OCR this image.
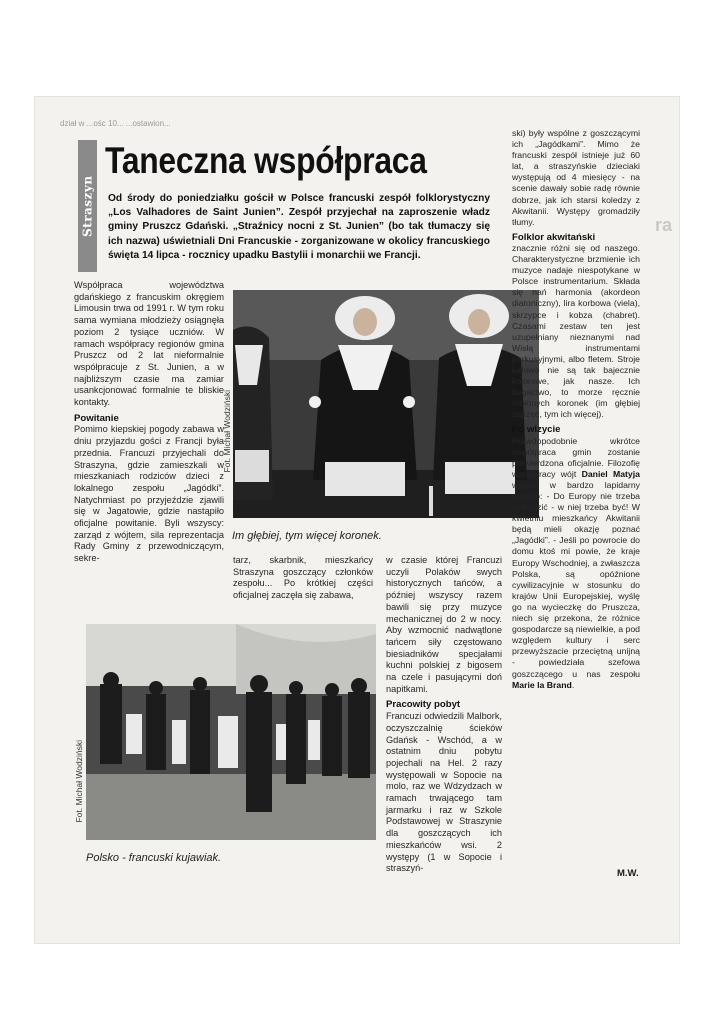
dział w ...ośc 10... ...ostawion...
ra
Straszyn
Taneczna współpraca
Od środy do poniedziałku gościł w Polsce francuski zespół folklorystyczny „Los Valhadores de Saint Junien”. Zespół przyjechał na zaproszenie władz gminy Pruszcz Gdański. „Straźnicy nocni z St. Junien” (bo tak tłumaczy się ich nazwa) uświetniali Dni Francuskie - zorganizowane w okolicy francuskiego święta 14 lipca - rocznicy upadku Bastylii i monarchii we Francji.

Współpraca województwa gdańskiego z francuskim okręgiem Limousin trwa od 1991 r. W tym roku sama wymiana młodzieży osiągnęła poziom 2 tysiące uczniów. W ramach współpracy regionów gmina Pruszcz od 2 lat nieformalnie współpracuje z St. Junien, a w najbliższym czasie ma zamiar usankcjonować formalnie te bliskie kontakty.

Powitanie

Pomimo kiepskiej pogody zabawa w dniu przyjazdu gości z Francji była przednia. Francuzi przyjechali do Straszyna, gdzie zamieszkali w mieszkaniach rodziców dzieci z lokalnego zespołu „Jagódki”. Natychmiast po przyjeździe zjawili się w Jagatowie, gdzie nastąpiło oficjalne powitanie. Byli wszyscy: zarząd z wójtem, sila reprezentacja Rady Gminy z przewodniczącym, sekre-

Fot. Michał Wodziński
Im głębiej, tym więcej koronek.

tarz, skarbnik, mieszkańcy Straszyna goszczący członków zespołu... Po krótkiej części oficjalnej zaczęła się zabawa,

w czasie której Francuzi uczyli Polaków swych historycznych tańców, a później wszyscy razem bawili się przy muzyce mechanicznej do 2 w nocy. Aby wzmocnić nadwątlone tańcem siły częstowano biesiadników specjałami kuchni polskiej z bigosem na czele i pasującymi doń napitkami.

Pracowity pobyt

Francuzi odwiedzili Malbork, oczyszczalnię ścieków Gdańsk - Wschód, a w ostatnim dniu pobytu pojechali na Hel. 2 razy występowali w Sopocie na molo, raz we Wdzydzach w ramach trwającego tam jarmarku i raz w Szkole Podstawowej w Straszynie dla goszczących ich mieszkańców wsi. 2 występy (1 w Sopocie i straszyń-

ski) były wspólne z goszczącymi ich „Jagódkami”. Mimo że francuski zespół istnieje już 60 lat, a straszyńskie dzieciaki występują od 4 miesięcy - na scenie dawały sobie radę równie dobrze, jak ich starsi koledzy z Akwitanii. Występy gromadziły tłumy.

Folklor akwitański

znacznie różni się od naszego. Charakterystyczne brzmienie ich muzyce nadaje niespotykane w Polsce instrumentarium. Składa się nań harmonia (akordeon diatoniczny), lira korbowa (viela), skrzypce i kobza (chabret). Czasami zestaw ten jest uzupełniany nieznanymi nad Wisłą instrumentami perkusyjnymi, albo fletem. Stroje ludowe nie są tak bajecznie kolorowe, jak nasze. Ich bogactwo, to morze ręcznie robionych koronek (im głębiej zajrzeć, tym ich więcej).

Po wizycie

Prawdopodobnie wkrótce współpraca gmin zostanie potwierdzona oficjalnie. Filozofię współpracy wójt Daniel Matyja wyraził w bardzo lapidarny sposób: - Do Europy nie trzeba wchodzić - w niej trzeba być! W kwietniu mieszkańcy Akwitanii będą mieli okazję poznać „Jagódki”. - Jeśli po powrocie do domu ktoś mi powie, że kraje Europy Wschodniej, a zwłaszcza Polska, są opóźnione cywilizacyjnie w stosunku do krajów Unii Europejskiej, wyślę go na wycieczkę do Pruszcza, niech się przekona, że różnice gospodarcze są niewielkie, a pod względem kultury i serc przewyższacie przeciętną unijną - powiedziała szefowa goszczącego u nas zespołu Marie la Brand.

M.W.
Fot. Michał Wodziński
Polsko - francuski kujawiak.
